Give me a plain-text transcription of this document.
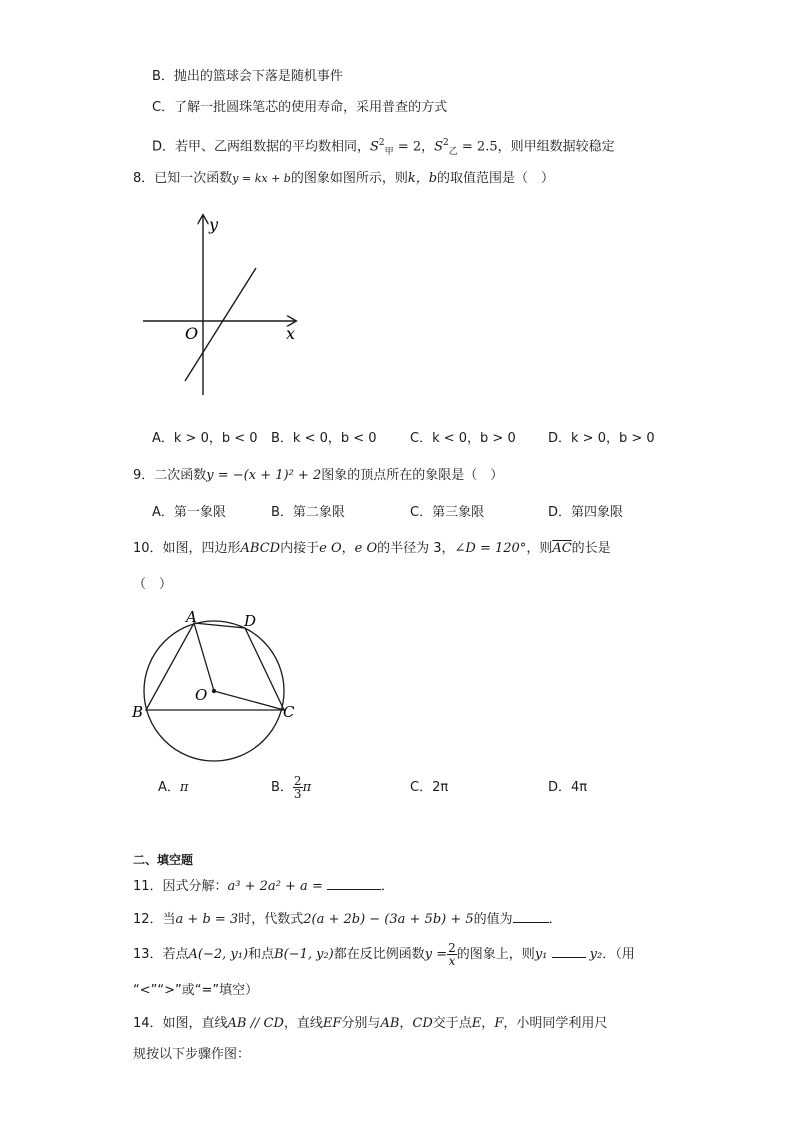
B．抛出的篮球会下落是随机事件
C．了解一批圆珠笔芯的使用寿命，采用普查的方式
D．若甲、乙两组数据的平均数相同，$S^2_甲 = 2$，$S^2_乙 = 2.5$，则甲组数据较稳定
8．已知一次函数y = kx + b的图象如图所示，则k，b的取值范围是（　）
y
x
O
A．k > 0，b < 0 B．k < 0，b < 0	C．k < 0，b > 0 D．k > 0，b > 0
9．二次函数y = −(x + 1)² + 2图象的顶点所在的象限是（　）
A．第一象限	B．第二象限	C．第三象限	D．第四象限
10．如图，四边形ABCD内接于e O，e O的半径为 3，∠D = 120°，则$\overline{AC}$的长是
（　）
A	D
O
B	C
A．π	B． $\frac{2}{3}$ π	C．2π	D．4π
二、填空题
11．因式分解：a³ + 2a² + a =	．
12．当a + b = 3时，代数式2(a + 2b) − (3a + 5b) + 5的值为	．
13．若点A(−2, y₁)和点B(−1, y₂)都在反比例函数$y = \frac{2}{x}$ 的图象上，则y₁	y₂．（用
“<”“>”或“=”填空）
14．如图，直线AB // CD，直线EF分别与AB，CD交于点E，F，小明同学利用尺
规按以下步骤作图：
